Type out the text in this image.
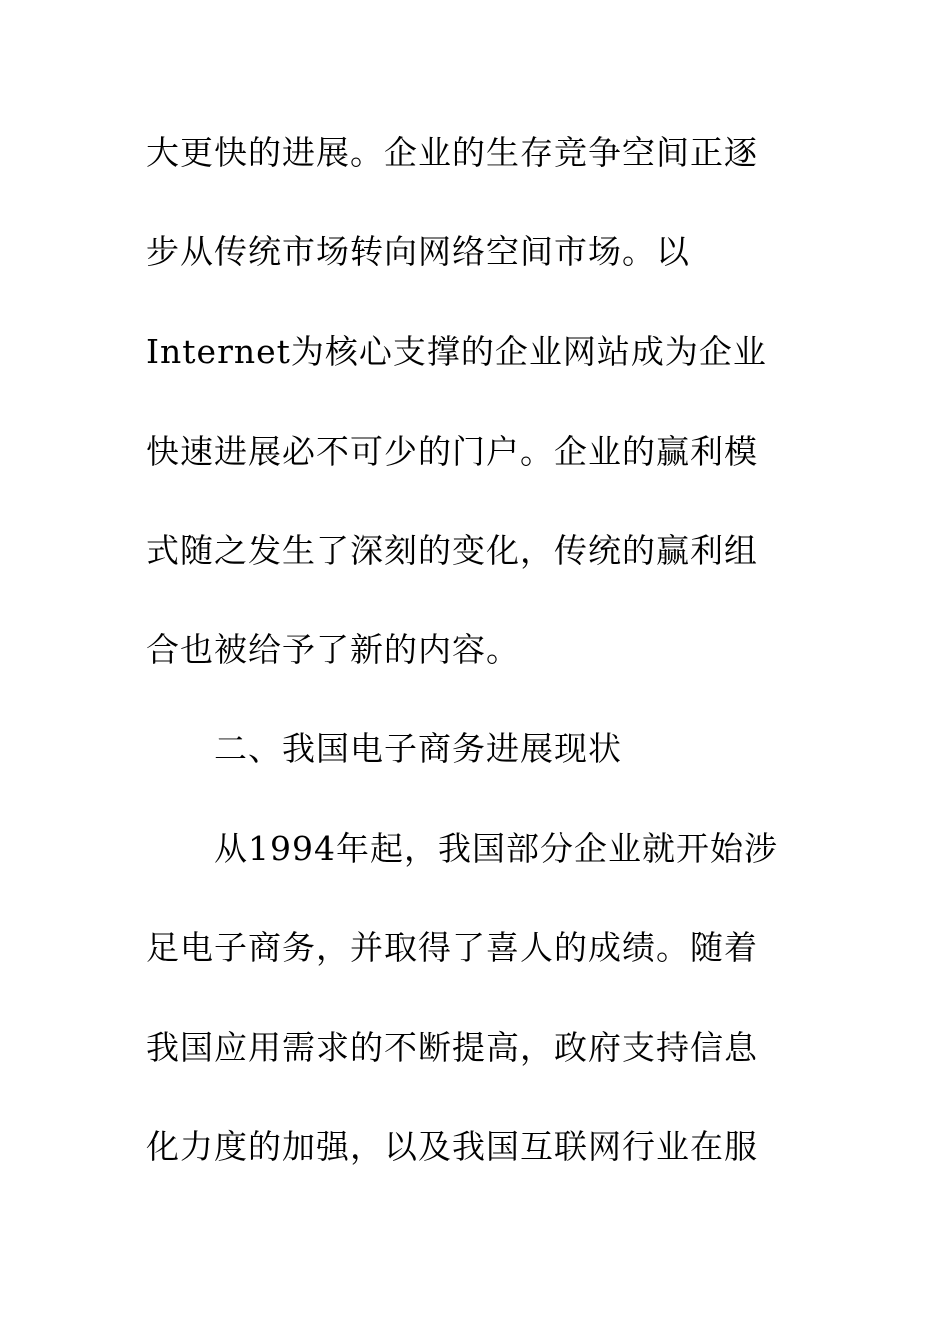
大更快的进展。企业的生存竞争空间正逐
步从传统市场转向网络空间市场。以
Internet为核心支撑的企业网站成为企业
快速进展必不可少的门户。企业的赢利模
式随之发生了深刻的变化，传统的赢利组
合也被给予了新的内容。
二、我国电子商务进展现状
从1994年起，我国部分企业就开始涉
足电子商务，并取得了喜人的成绩。随着
我国应用需求的不断提高，政府支持信息
化力度的加强，以及我国互联网行业在服
